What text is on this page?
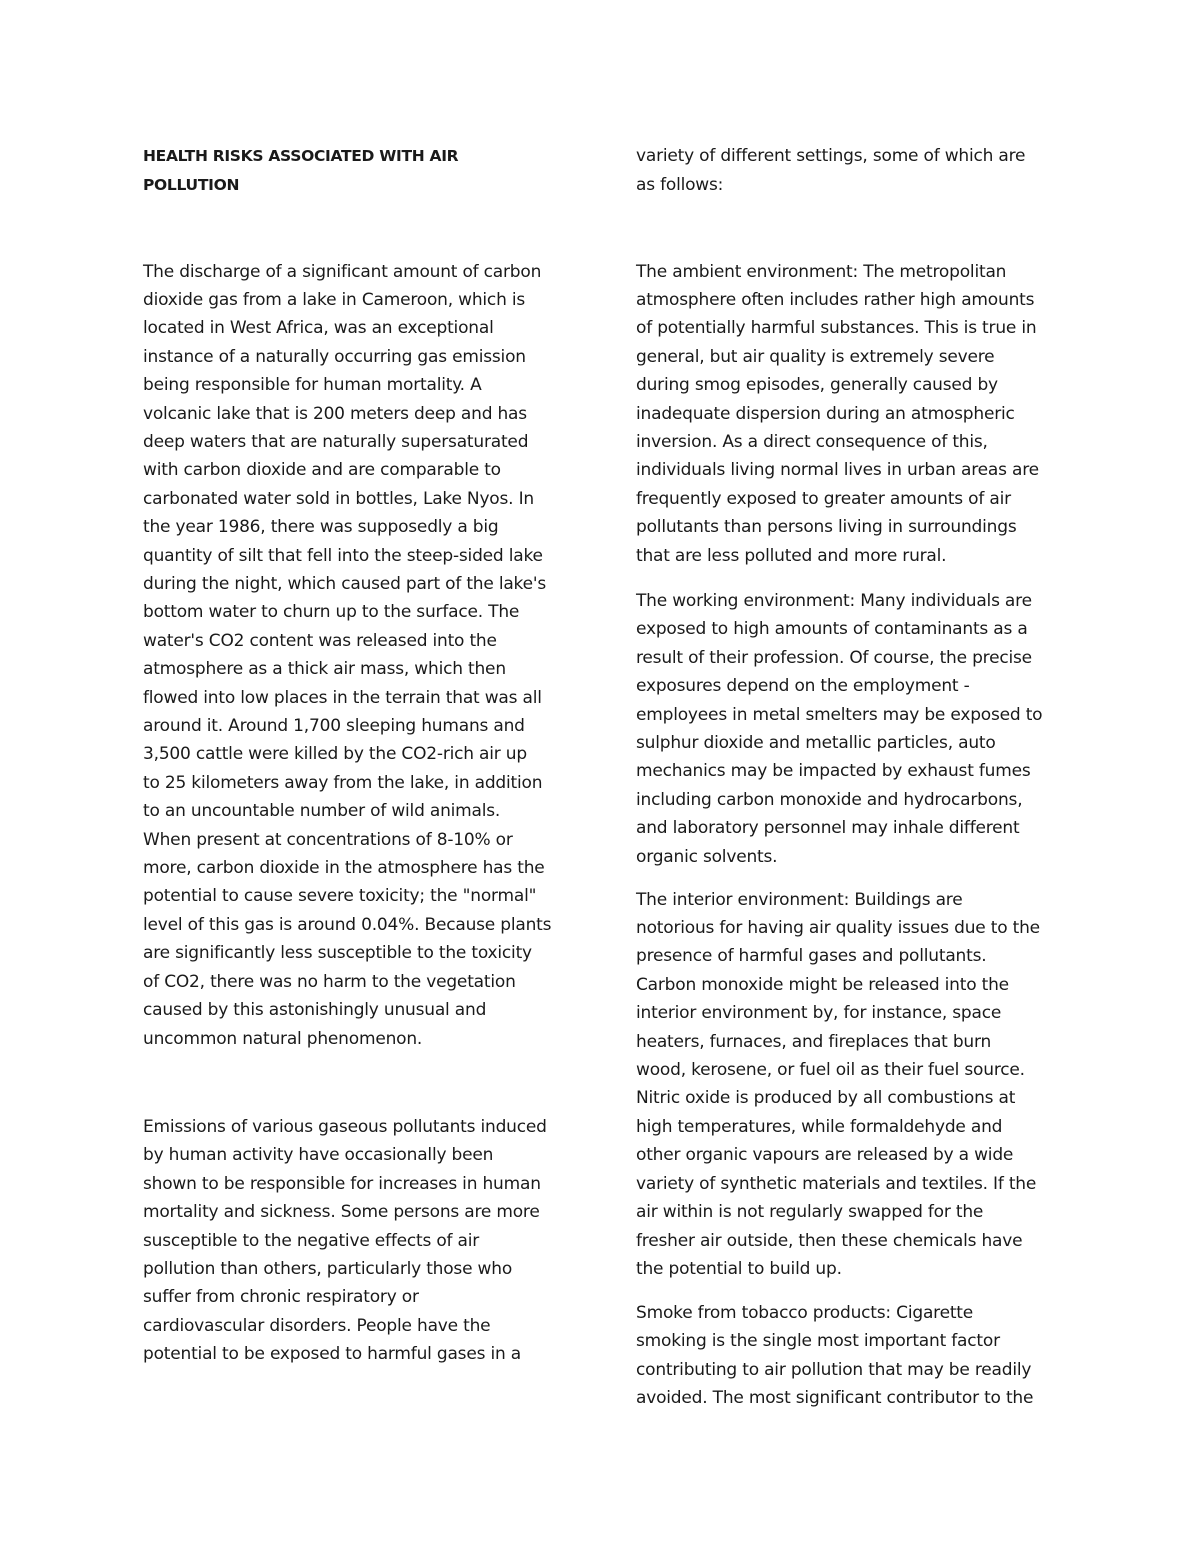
HEALTH RISKS ASSOCIATED WITH AIR
POLLUTION
The discharge of a significant amount of carbon
dioxide gas from a lake in Cameroon, which is
located in West Africa, was an exceptional
instance of a naturally occurring gas emission
being responsible for human mortality. A
volcanic lake that is 200 meters deep and has
deep waters that are naturally supersaturated
with carbon dioxide and are comparable to
carbonated water sold in bottles, Lake Nyos. In
the year 1986, there was supposedly a big
quantity of silt that fell into the steep-sided lake
during the night, which caused part of the lake's
bottom water to churn up to the surface. The
water's CO2 content was released into the
atmosphere as a thick air mass, which then
flowed into low places in the terrain that was all
around it. Around 1,700 sleeping humans and
3,500 cattle were killed by the CO2-rich air up
to 25 kilometers away from the lake, in addition
to an uncountable number of wild animals.
When present at concentrations of 8-10% or
more, carbon dioxide in the atmosphere has the
potential to cause severe toxicity; the "normal"
level of this gas is around 0.04%. Because plants
are significantly less susceptible to the toxicity
of CO2, there was no harm to the vegetation
caused by this astonishingly unusual and
uncommon natural phenomenon.
Emissions of various gaseous pollutants induced
by human activity have occasionally been
shown to be responsible for increases in human
mortality and sickness. Some persons are more
susceptible to the negative effects of air
pollution than others, particularly those who
suffer from chronic respiratory or
cardiovascular disorders. People have the
potential to be exposed to harmful gases in a
variety of different settings, some of which are
as follows:
The ambient environment: The metropolitan
atmosphere often includes rather high amounts
of potentially harmful substances. This is true in
general, but air quality is extremely severe
during smog episodes, generally caused by
inadequate dispersion during an atmospheric
inversion. As a direct consequence of this,
individuals living normal lives in urban areas are
frequently exposed to greater amounts of air
pollutants than persons living in surroundings
that are less polluted and more rural.
The working environment: Many individuals are
exposed to high amounts of contaminants as a
result of their profession. Of course, the precise
exposures depend on the employment -
employees in metal smelters may be exposed to
sulphur dioxide and metallic particles, auto
mechanics may be impacted by exhaust fumes
including carbon monoxide and hydrocarbons,
and laboratory personnel may inhale different
organic solvents.
The interior environment: Buildings are
notorious for having air quality issues due to the
presence of harmful gases and pollutants.
Carbon monoxide might be released into the
interior environment by, for instance, space
heaters, furnaces, and fireplaces that burn
wood, kerosene, or fuel oil as their fuel source.
Nitric oxide is produced by all combustions at
high temperatures, while formaldehyde and
other organic vapours are released by a wide
variety of synthetic materials and textiles. If the
air within is not regularly swapped for the
fresher air outside, then these chemicals have
the potential to build up.
Smoke from tobacco products: Cigarette
smoking is the single most important factor
contributing to air pollution that may be readily
avoided. The most significant contributor to the
